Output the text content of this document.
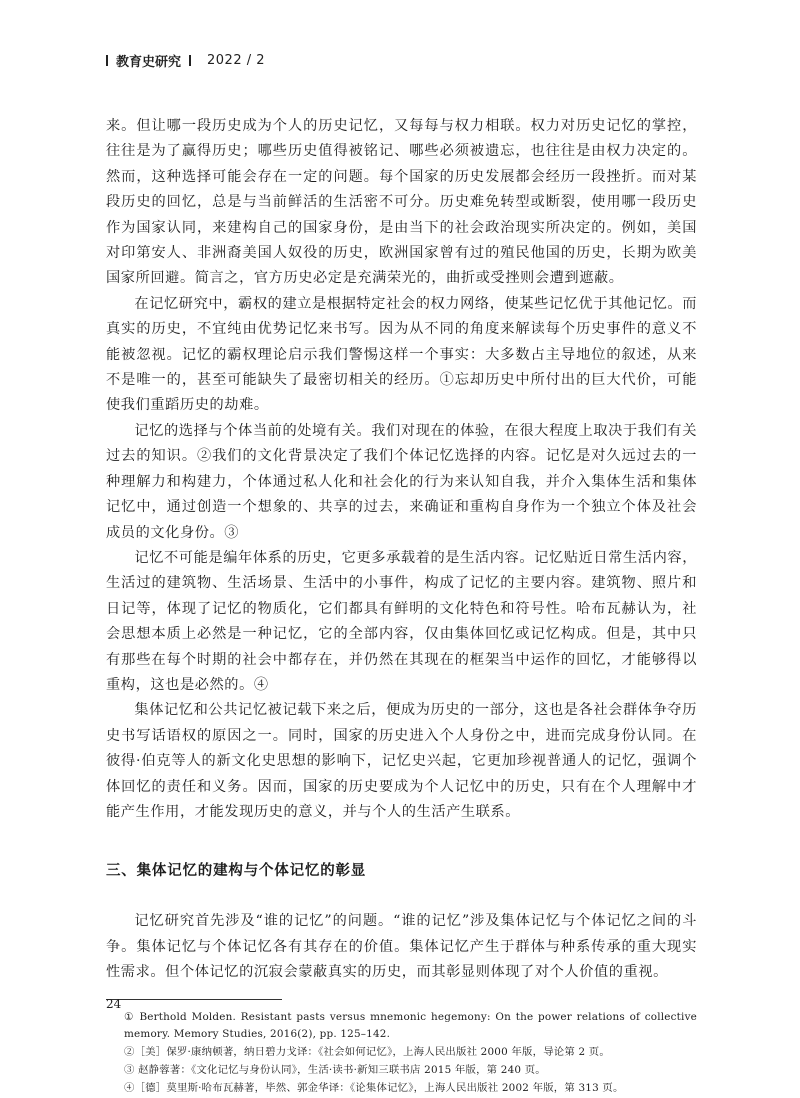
教育史研究 2022 / 2

来。但让哪一段历史成为个人的历史记忆，又每每与权力相联。权力对历史记忆的掌控，往往是为了赢得历史；哪些历史值得被铭记、哪些必须被遗忘，也往往是由权力决定的。然而，这种选择可能会存在一定的问题。每个国家的历史发展都会经历一段挫折。而对某段历史的回忆，总是与当前鲜活的生活密不可分。历史难免转型或断裂，使用哪一段历史作为国家认同，来建构自己的国家身份，是由当下的社会政治现实所决定的。例如，美国对印第安人、非洲裔美国人奴役的历史，欧洲国家曾有过的殖民他国的历史，长期为欧美国家所回避。简言之，官方历史必定是充满荣光的，曲折或受挫则会遭到遮蔽。

在记忆研究中，霸权的建立是根据特定社会的权力网络，使某些记忆优于其他记忆。而真实的历史，不宜纯由优势记忆来书写。因为从不同的角度来解读每个历史事件的意义不能被忽视。记忆的霸权理论启示我们警惕这样一个事实：大多数占主导地位的叙述，从来不是唯一的，甚至可能缺失了最密切相关的经历。①忘却历史中所付出的巨大代价，可能使我们重蹈历史的劫难。

记忆的选择与个体当前的处境有关。我们对现在的体验，在很大程度上取决于我们有关过去的知识。②我们的文化背景决定了我们个体记忆选择的内容。记忆是对久远过去的一种理解力和构建力，个体通过私人化和社会化的行为来认知自我，并介入集体生活和集体记忆中，通过创造一个想象的、共享的过去，来确证和重构自身作为一个独立个体及社会成员的文化身份。③

记忆不可能是编年体系的历史，它更多承载着的是生活内容。记忆贴近日常生活内容，生活过的建筑物、生活场景、生活中的小事件，构成了记忆的主要内容。建筑物、照片和日记等，体现了记忆的物质化，它们都具有鲜明的文化特色和符号性。哈布瓦赫认为，社会思想本质上必然是一种记忆，它的全部内容，仅由集体回忆或记忆构成。但是，其中只有那些在每个时期的社会中都存在，并仍然在其现在的框架当中运作的回忆，才能够得以重构，这也是必然的。④

集体记忆和公共记忆被记载下来之后，便成为历史的一部分，这也是各社会群体争夺历史书写话语权的原因之一。同时，国家的历史进入个人身份之中，进而完成身份认同。在彼得·伯克等人的新文化史思想的影响下，记忆史兴起，它更加珍视普通人的记忆，强调个体回忆的责任和义务。因而，国家的历史要成为个人记忆中的历史，只有在个人理解中才能产生作用，才能发现历史的意义，并与个人的生活产生联系。

三、集体记忆的建构与个体记忆的彰显

记忆研究首先涉及“谁的记忆”的问题。“谁的记忆”涉及集体记忆与个体记忆之间的斗争。集体记忆与个体记忆各有其存在的价值。集体记忆产生于群体与种系传承的重大现实性需求。但个体记忆的沉寂会蒙蔽真实的历史，而其彰显则体现了对个人价值的重视。

① Berthold Molden. Resistant pasts versus mnemonic hegemony: On the power relations of collective memory. Memory Studies, 2016(2), pp. 125–142.

②［美］保罗·康纳顿著，纳日碧力戈译：《社会如何记忆》，上海人民出版社 2000 年版，导论第 2 页。

③ 赵静蓉著：《文化记忆与身份认同》，生活·读书·新知三联书店 2015 年版，第 240 页。

④［德］莫里斯·哈布瓦赫著，毕然、郭金华译：《论集体记忆》，上海人民出版社 2002 年版，第 313 页。

24
